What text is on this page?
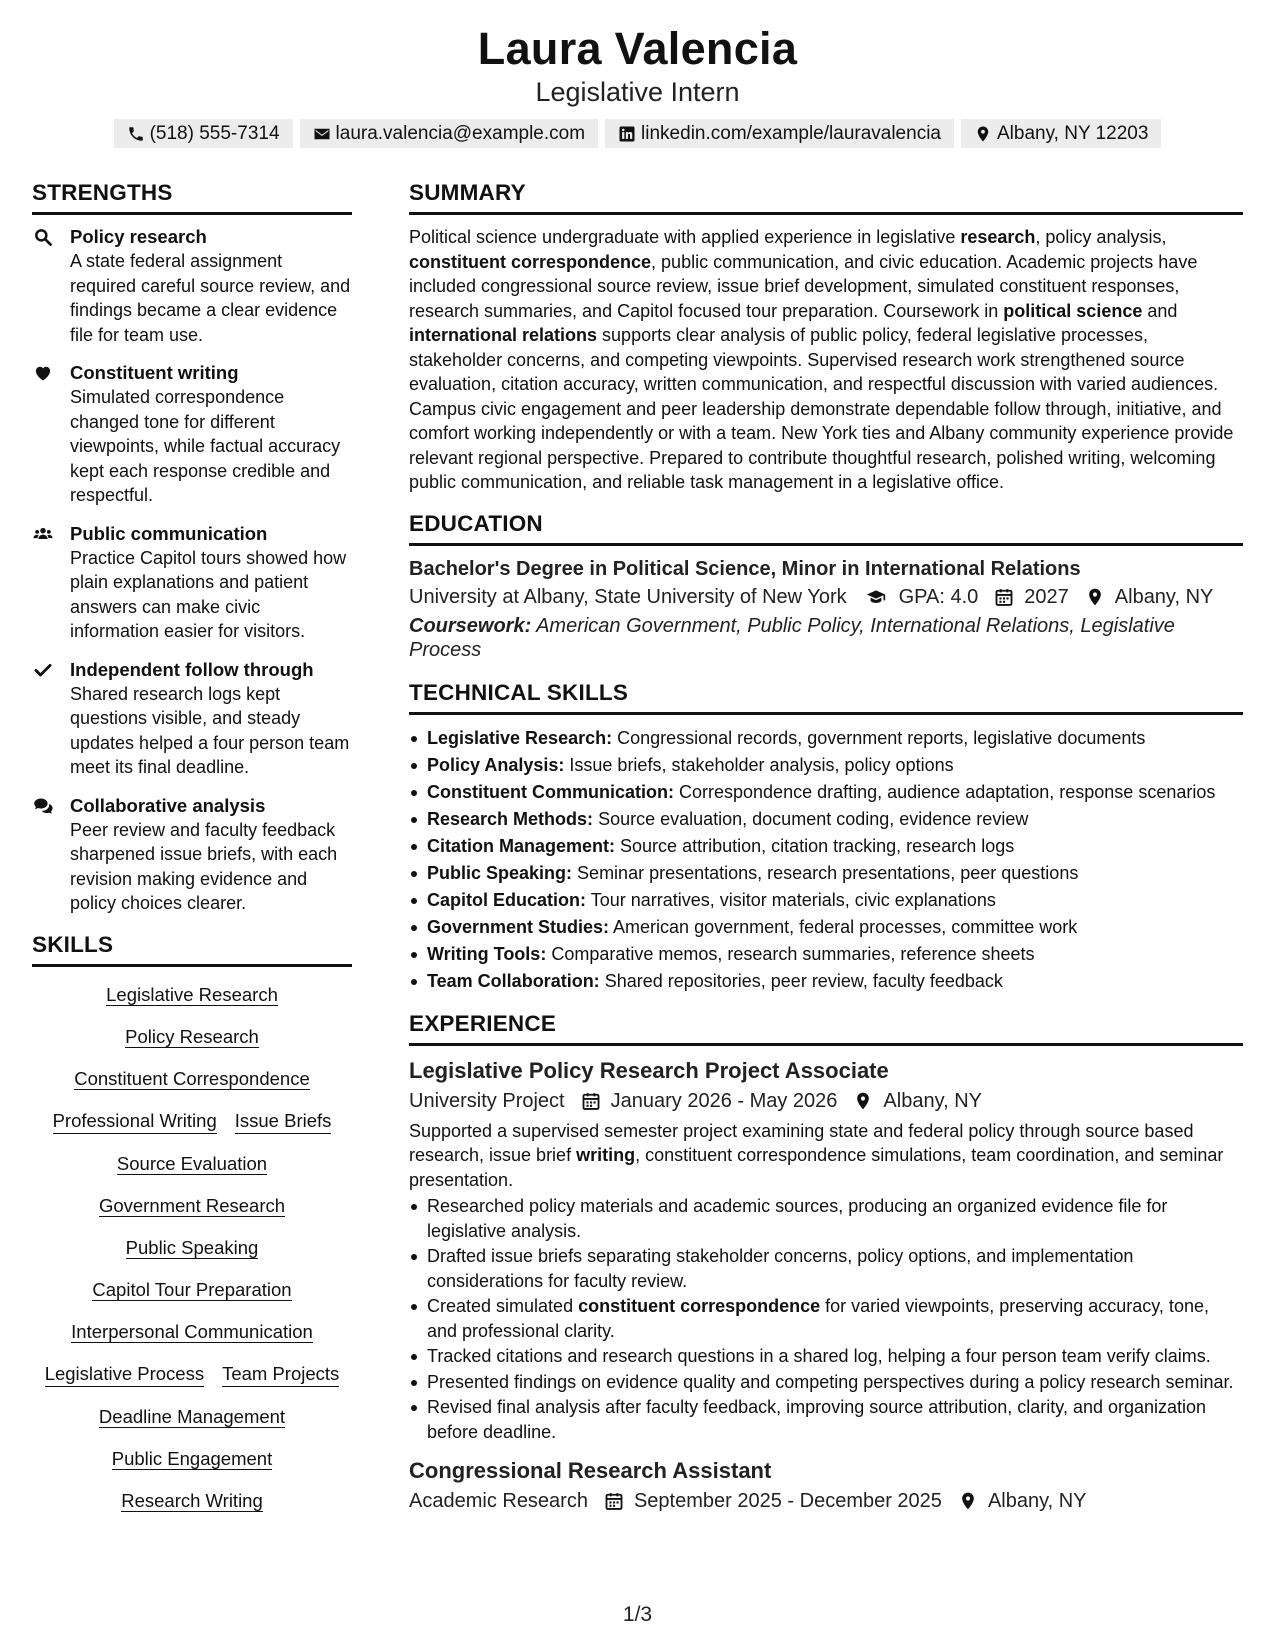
Laura Valencia
Legislative Intern
(518) 555-7314	laura.valencia@example.com	linkedin.com/example/lauravalencia	Albany, NY 12203
STRENGTHS
Policy research
A state federal assignment required careful source review, and findings became a clear evidence file for team use.
Constituent writing
Simulated correspondence changed tone for different viewpoints, while factual accuracy kept each response credible and respectful.
Public communication
Practice Capitol tours showed how plain explanations and patient answers can make civic information easier for visitors.
Independent follow through
Shared research logs kept questions visible, and steady updates helped a four person team meet its final deadline.
Collaborative analysis
Peer review and faculty feedback sharpened issue briefs, with each revision making evidence and policy choices clearer.
SKILLS
Legislative Research
Policy Research
Constituent Correspondence
Professional Writing Issue Briefs
Source Evaluation
Government Research
Public Speaking
Capitol Tour Preparation
Interpersonal Communication
Legislative Process Team Projects
Deadline Management
Public Engagement
Research Writing
SUMMARY
Political science undergraduate with applied experience in legislative research, policy analysis, constituent correspondence, public communication, and civic education. Academic projects have included congressional source review, issue brief development, simulated constituent responses, research summaries, and Capitol focused tour preparation. Coursework in political science and international relations supports clear analysis of public policy, federal legislative processes, stakeholder concerns, and competing viewpoints. Supervised research work strengthened source evaluation, citation accuracy, written communication, and respectful discussion with varied audiences. Campus civic engagement and peer leadership demonstrate dependable follow through, initiative, and comfort working independently or with a team. New York ties and Albany community experience provide relevant regional perspective. Prepared to contribute thoughtful research, polished writing, welcoming public communication, and reliable task management in a legislative office.
EDUCATION
Bachelor's Degree in Political Science, Minor in International Relations
University at Albany, State University of New York	GPA: 4.0 2027 Albany, NY
Coursework: American Government, Public Policy, International Relations, Legislative Process
TECHNICAL SKILLS
Legislative Research: Congressional records, government reports, legislative documents
Policy Analysis: Issue briefs, stakeholder analysis, policy options
Constituent Communication: Correspondence drafting, audience adaptation, response scenarios
Research Methods: Source evaluation, document coding, evidence review
Citation Management: Source attribution, citation tracking, research logs
Public Speaking: Seminar presentations, research presentations, peer questions
Capitol Education: Tour narratives, visitor materials, civic explanations
Government Studies: American government, federal processes, committee work
Writing Tools: Comparative memos, research summaries, reference sheets
Team Collaboration: Shared repositories, peer review, faculty feedback
EXPERIENCE
Legislative Policy Research Project Associate
University Project January 2026 - May 2026 Albany, NY
Supported a supervised semester project examining state and federal policy through source based research, issue brief writing, constituent correspondence simulations, team coordination, and seminar presentation.
Researched policy materials and academic sources, producing an organized evidence file for legislative analysis.
Drafted issue briefs separating stakeholder concerns, policy options, and implementation considerations for faculty review.
Created simulated constituent correspondence for varied viewpoints, preserving accuracy, tone, and professional clarity.
Tracked citations and research questions in a shared log, helping a four person team verify claims.
Presented findings on evidence quality and competing perspectives during a policy research seminar.
Revised final analysis after faculty feedback, improving source attribution, clarity, and organization before deadline.
Congressional Research Assistant
Academic Research September 2025 - December 2025 Albany, NY
1/3
